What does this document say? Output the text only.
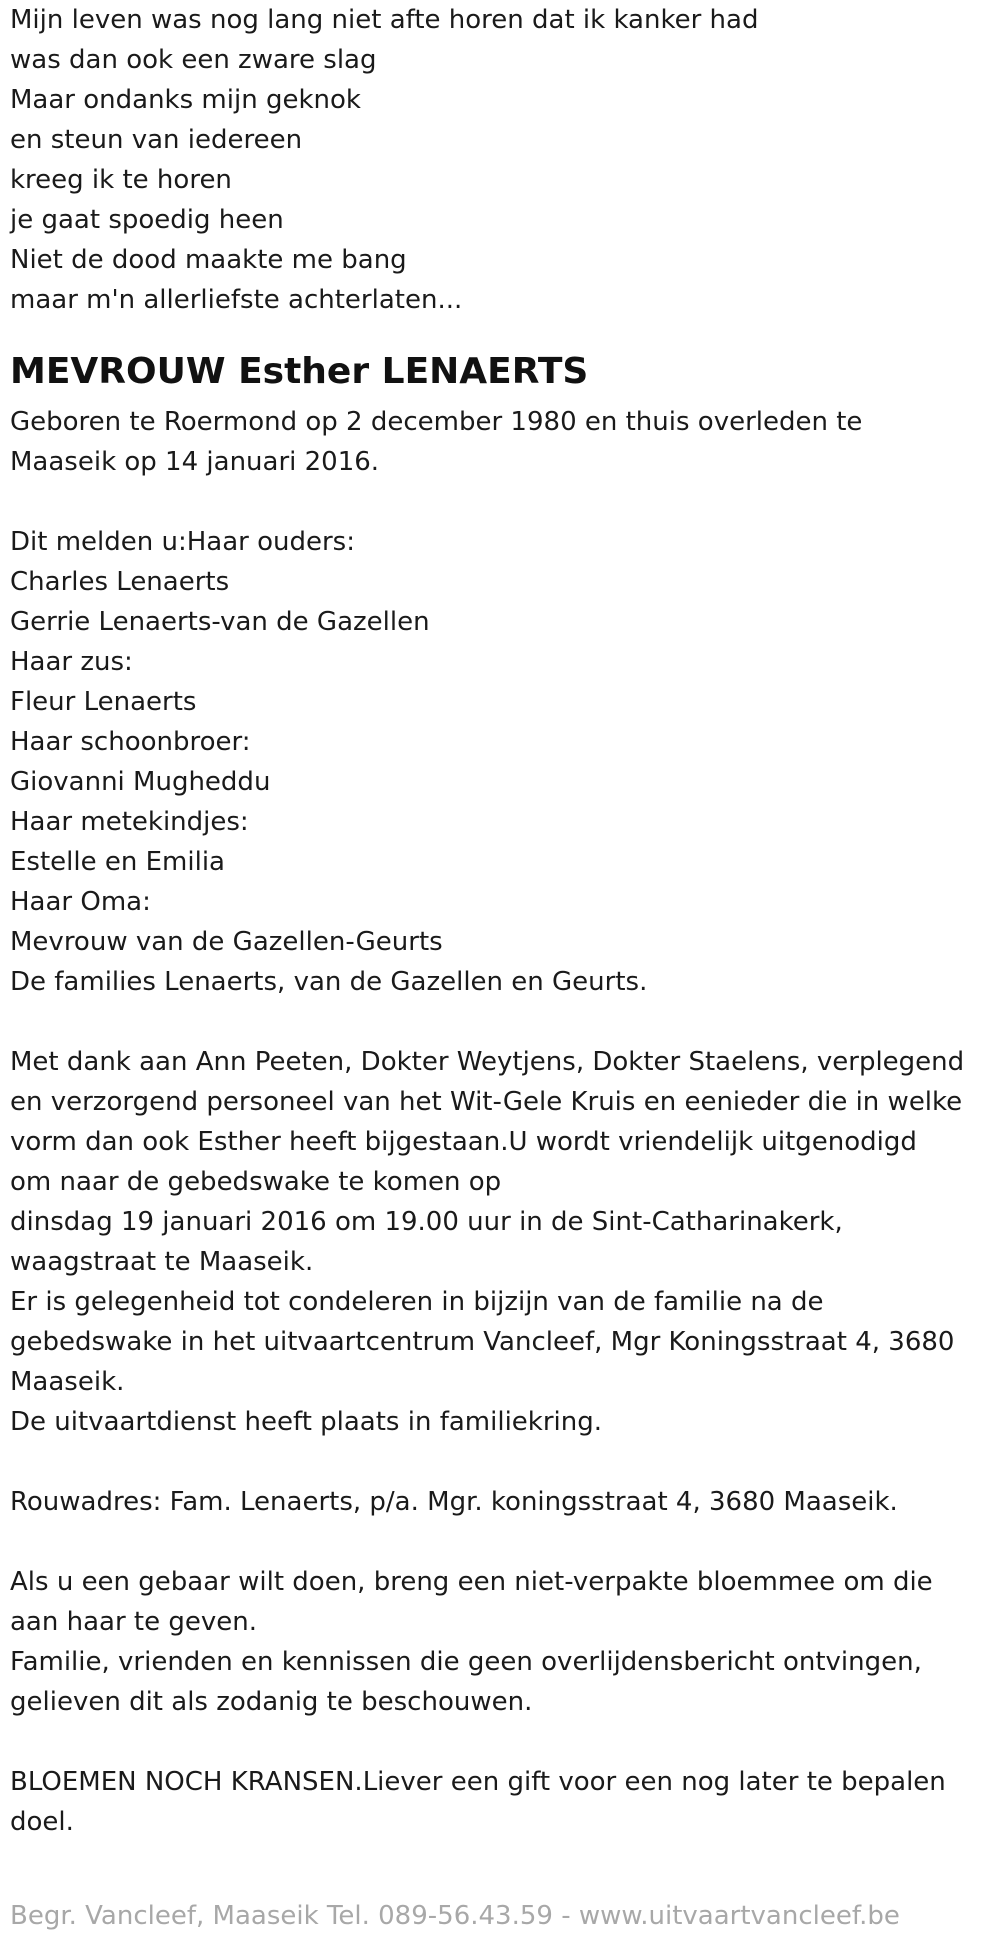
Mijn leven was nog lang niet afte horen dat ik kanker had
was dan ook een zware slag
Maar ondanks mijn geknok
en steun van iedereen
kreeg ik te horen
je gaat spoedig heen
Niet de dood maakte me bang
maar m'n allerliefste achterlaten...
MEVROUW Esther LENAERTS
Geboren te Roermond op 2 december 1980 en thuis overleden te
Maaseik op 14 januari 2016.
Dit melden u:Haar ouders:
Charles Lenaerts
Gerrie Lenaerts-van de Gazellen
Haar zus:
Fleur Lenaerts
Haar schoonbroer:
Giovanni Mugheddu
Haar metekindjes:
Estelle en Emilia
Haar Oma:
Mevrouw van de Gazellen-Geurts
De families Lenaerts, van de Gazellen en Geurts.
Met dank aan Ann Peeten, Dokter Weytjens, Dokter Staelens, verplegend
en verzorgend personeel van het Wit-Gele Kruis en eenieder die in welke
vorm dan ook Esther heeft bijgestaan.U wordt vriendelijk uitgenodigd
om naar de gebedswake te komen op
dinsdag 19 januari 2016 om 19.00 uur in de Sint-Catharinakerk,
waagstraat te Maaseik.
Er is gelegenheid tot condeleren in bijzijn van de familie na de
gebedswake in het uitvaartcentrum Vancleef, Mgr Koningsstraat 4, 3680
Maaseik.
De uitvaartdienst heeft plaats in familiekring.
Rouwadres: Fam. Lenaerts, p/a. Mgr. koningsstraat 4, 3680 Maaseik.
Als u een gebaar wilt doen, breng een niet-verpakte bloemmee om die
aan haar te geven.
Familie, vrienden en kennissen die geen overlijdensbericht ontvingen,
gelieven dit als zodanig te beschouwen.
BLOEMEN NOCH KRANSEN.Liever een gift voor een nog later te bepalen
doel.
Begr. Vancleef, Maaseik Tel. 089-56.43.59 - www.uitvaartvancleef.be
